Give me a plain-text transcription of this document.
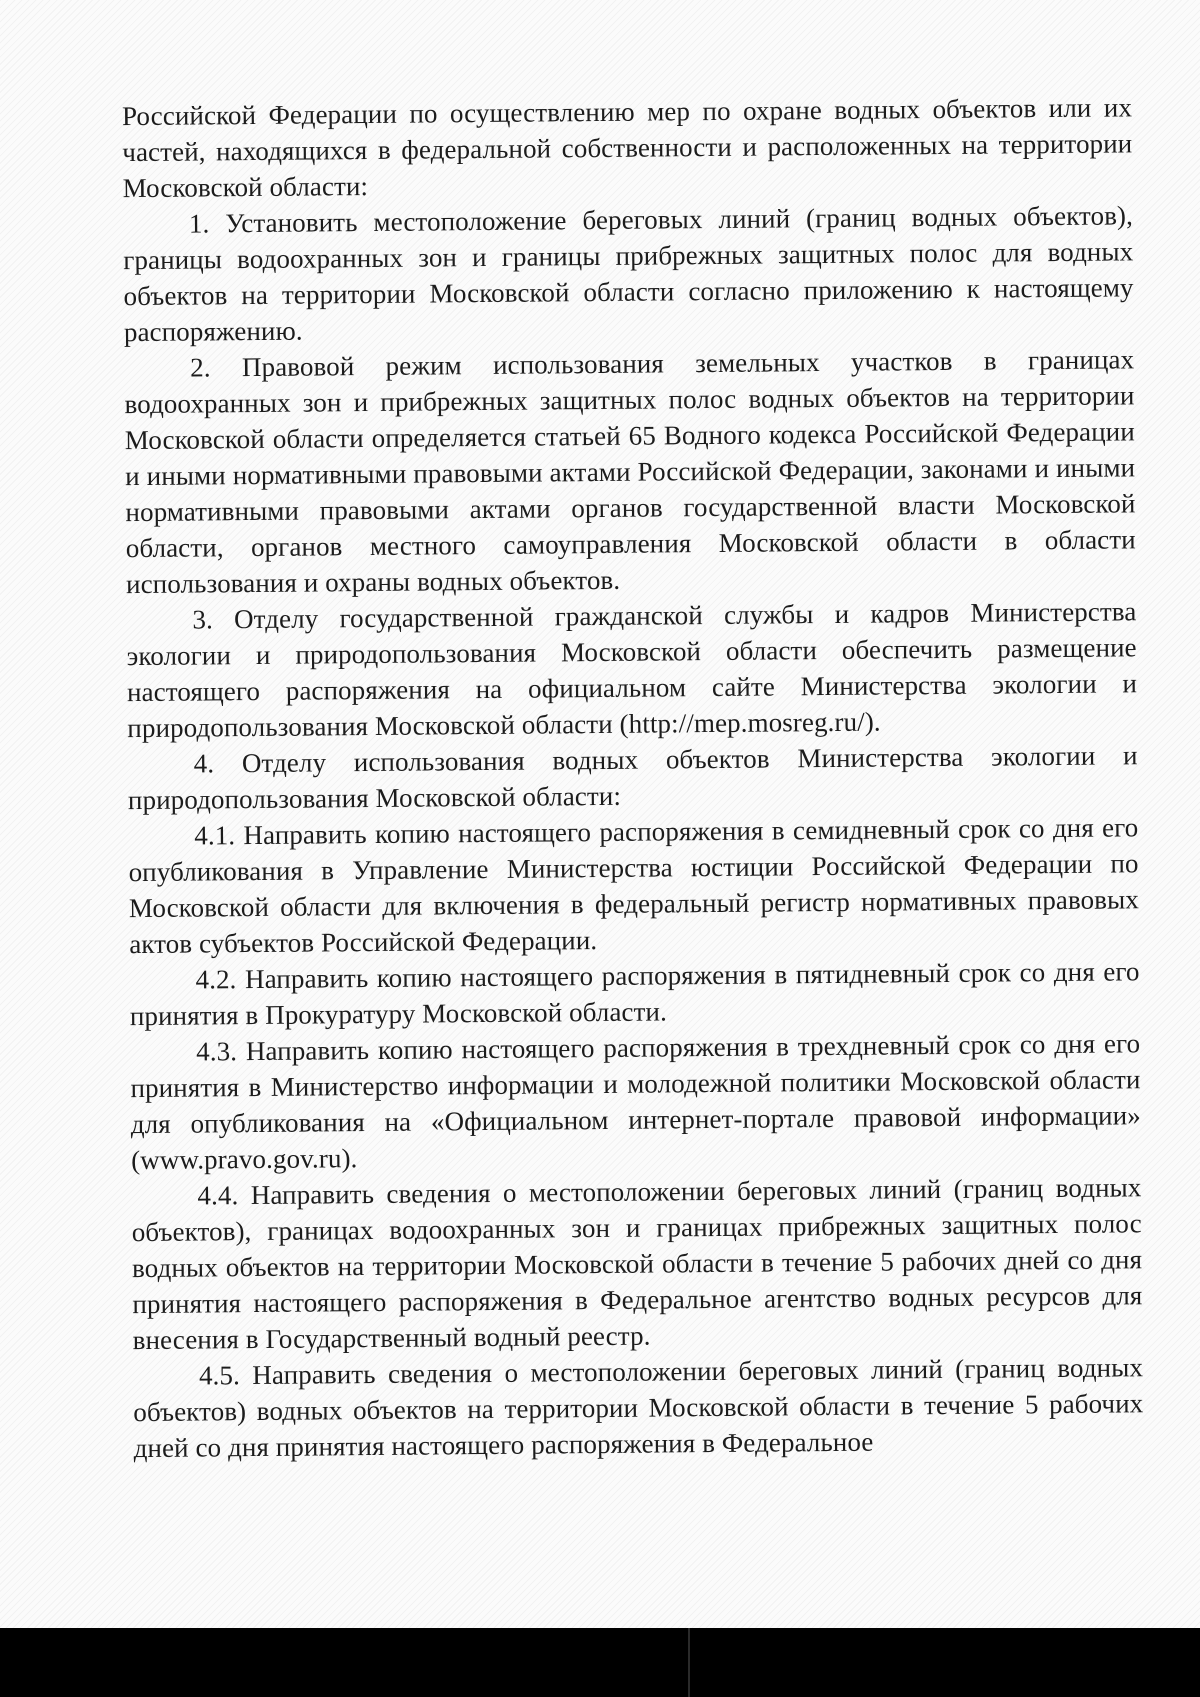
Российской Федерации по осуществлению мер по охране водных объектов или их частей, находящихся в федеральной собственности и расположенных на территории Московской области:

1. Установить местоположение береговых линий (границ водных объектов), границы водоохранных зон и границы прибрежных защитных полос для водных объектов на территории Московской области согласно приложению к настоящему распоряжению.

2. Правовой режим использования земельных участков в границах водоохранных зон и прибрежных защитных полос водных объектов на территории Московской области определяется статьей 65 Водного кодекса Российской Федерации и иными нормативными правовыми актами Российской Федерации, законами и иными нормативными правовыми актами органов государственной власти Московской области, органов местного самоуправления Московской области в области использования и охраны водных объектов.

3. Отделу государственной гражданской службы и кадров Министерства экологии и природопользования Московской области обеспечить размещение настоящего распоряжения на официальном сайте Министерства экологии и природопользования Московской области (http://mep.mosreg.ru/).

4. Отделу использования водных объектов Министерства экологии и природопользования Московской области:

4.1. Направить копию настоящего распоряжения в семидневный срок со дня его опубликования в Управление Министерства юстиции Российской Федерации по Московской области для включения в федеральный регистр нормативных правовых актов субъектов Российской Федерации.

4.2. Направить копию настоящего распоряжения в пятидневный срок со дня его принятия в Прокуратуру Московской области.

4.3. Направить копию настоящего распоряжения в трехдневный срок со дня его принятия в Министерство информации и молодежной политики Московской области для опубликования на «Официальном интернет-портале правовой информации» (www.pravo.gov.ru).

4.4. Направить сведения о местоположении береговых линий (границ водных объектов), границах водоохранных зон и границах прибрежных защитных полос водных объектов на территории Московской области в течение 5 рабочих дней со дня принятия настоящего распоряжения в Федеральное агентство водных ресурсов для внесения в Государственный водный реестр.

4.5. Направить сведения о местоположении береговых линий (границ водных объектов) водных объектов на территории Московской области в течение 5 рабочих дней со дня принятия настоящего распоряжения в Федеральное
